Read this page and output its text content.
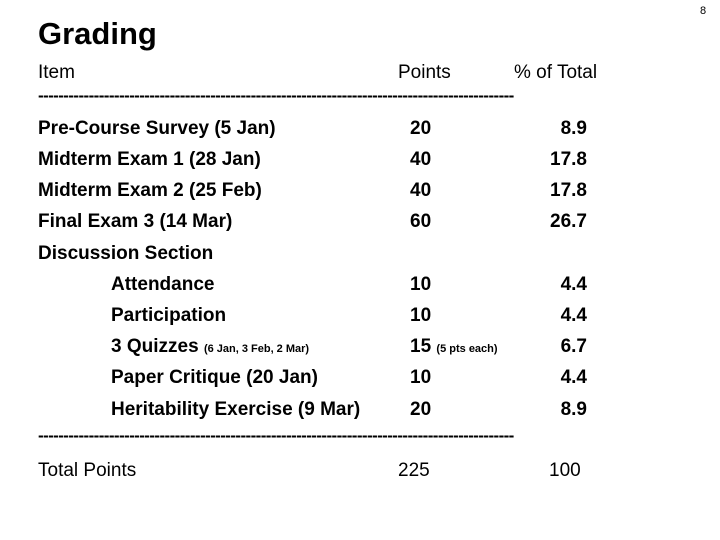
8
Grading
Item	Points	% of Total
----------------------------------------------------------------------------------------------
Pre-Course Survey (5 Jan)	20	8.9
Midterm Exam 1 (28 Jan)	40	17.8
Midterm Exam 2 (25 Feb)	40	17.8
Final Exam 3 (14 Mar)	60	26.7
Discussion Section
Attendance	10	4.4
Participation	10	4.4
3 Quizzes (6 Jan, 3 Feb, 2 Mar)	15 (5 pts each)	6.7
Paper Critique (20 Jan)	10	4.4
Heritability Exercise (9 Mar)	20	8.9
----------------------------------------------------------------------------------------------
Total Points	225	100
